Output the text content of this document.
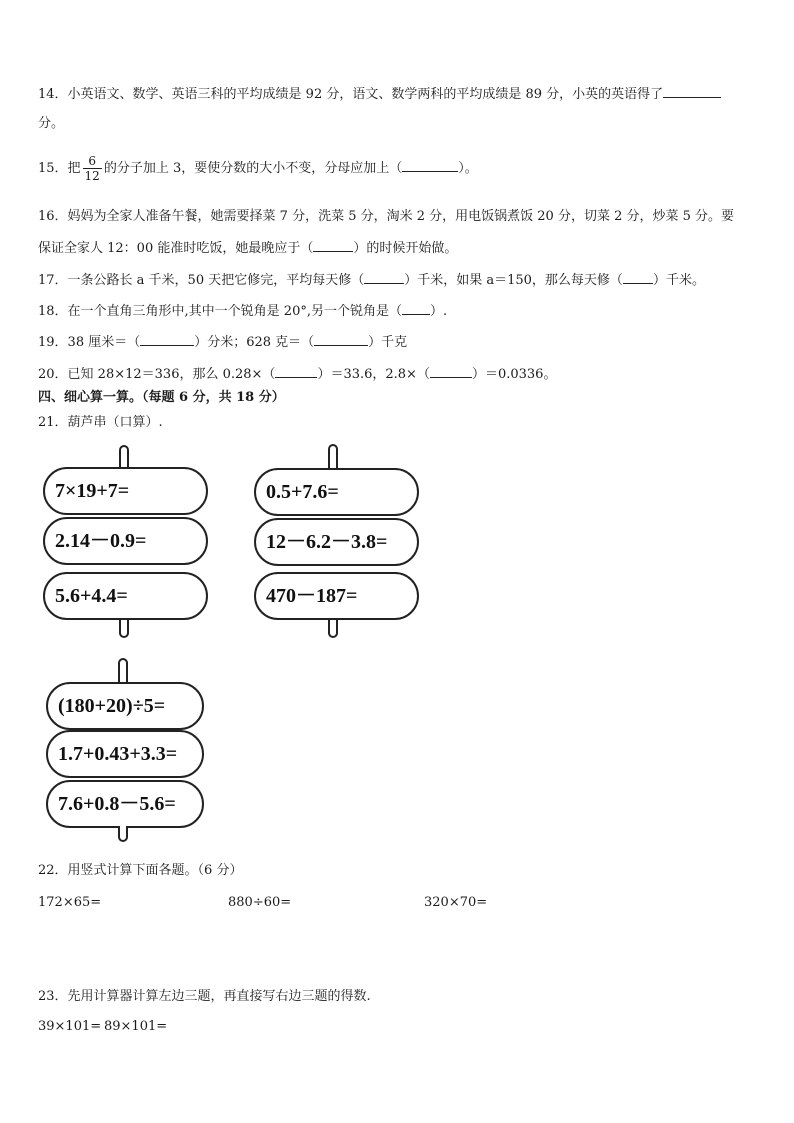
14．小英语文、数学、英语三科的平均成绩是 92 分，语文、数学两科的平均成绩是 89 分，小英的英语得了
分。
15．把 $\frac{6}{12}$ 的分子加上 3，要使分数的大小不变，分母应加上（	）。
16．妈妈为全家人准备午餐，她需要择菜 7 分，洗菜 5 分，淘米 2 分，用电饭锅煮饭 20 分，切菜 2 分，炒菜 5 分。要
保证全家人 12：00 能准时吃饭，她最晚应于（	）的时候开始做。
17．一条公路长 a 千米，50 天把它修完，平均每天修（	）千米，如果 a＝150，那么每天修（ ）千米。
18．在一个直角三角形中,其中一个锐角是 20°,另一个锐角是（ ）.
19．38 厘米＝（	）分米；628 克＝（	）千克
20．已知 28×12＝336，那么 0.28×（	）＝33.6，2.8×（	）＝0.0336。
四、细心算一算。（每题 6 分，共 18 分）
21．葫芦串（口算）.
7×19+7=
2.14－0.9=
5.6+4.4=
0.5+7.6=
12－6.2－3.8=
470－187=
(180+20)÷5=
1.7+0.43+3.3=
7.6+0.8－5.6=
22．用竖式计算下面各题。（6 分）
172×65=	880÷60=	320×70=
23．先用计算器计算左边三题，再直接写右边三题的得数.
39×101= 89×101=
